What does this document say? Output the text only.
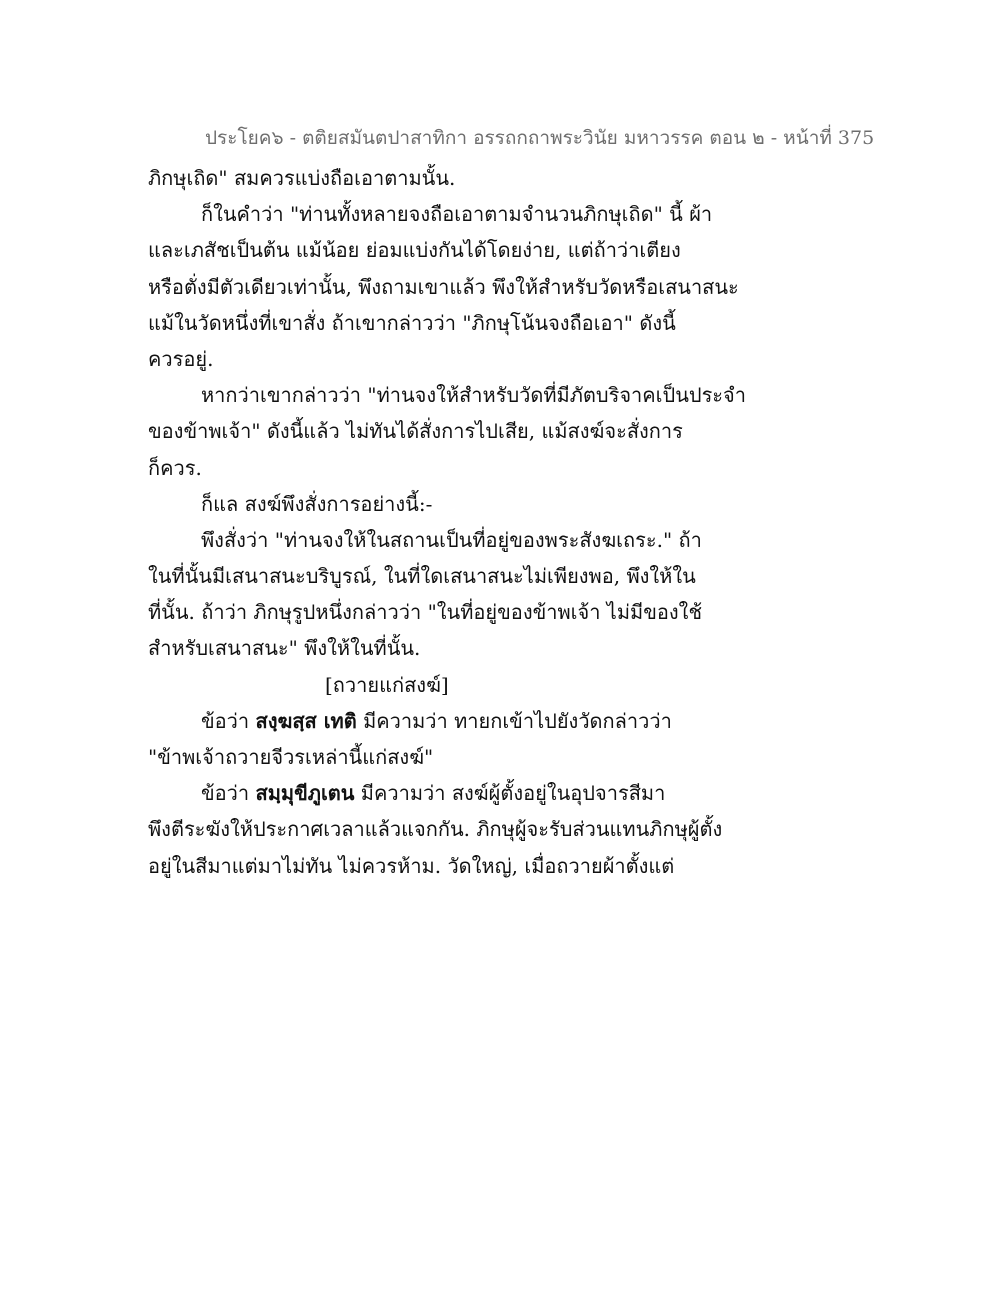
ประโยค๖ - ตติยสมันตปาสาทิกา อรรถกถาพระวินัย มหาวรรค ตอน ๒ - หน้าที่ 375
ภิกษุเถิด" สมควรแบ่งถือเอาตามนั้น.
ก็ในคำว่า "ท่านทั้งหลายจงถือเอาตามจำนวนภิกษุเถิด" นี้ ผ้า
และเภสัชเป็นต้น แม้น้อย ย่อมแบ่งกันได้โดยง่าย, แต่ถ้าว่าเตียง
หรือตั่งมีตัวเดียวเท่านั้น, พึงถามเขาแล้ว พึงให้สำหรับวัดหรือเสนาสนะ
แม้ในวัดหนึ่งที่เขาสั่ง ถ้าเขากล่าวว่า "ภิกษุโน้นจงถือเอา" ดังนี้
ควรอยู่.
หากว่าเขากล่าวว่า "ท่านจงให้สำหรับวัดที่มีภัตบริจาคเป็นประจำ
ของข้าพเจ้า" ดังนี้แล้ว ไม่ทันได้สั่งการไปเสีย, แม้สงฆ์จะสั่งการ
ก็ควร.
ก็แล สงฆ์พึงสั่งการอย่างนี้:-
พึงสั่งว่า "ท่านจงให้ในสถานเป็นที่อยู่ของพระสังฆเถระ." ถ้า
ในที่นั้นมีเสนาสนะบริบูรณ์, ในที่ใดเสนาสนะไม่เพียงพอ, พึงให้ใน
ที่นั้น. ถ้าว่า ภิกษุรูปหนึ่งกล่าวว่า "ในที่อยู่ของข้าพเจ้า ไม่มีของใช้
สำหรับเสนาสนะ" พึงให้ในที่นั้น.
[ถวายแก่สงฆ์]
ข้อว่า สงฺฆสฺส เทติ มีความว่า ทายกเข้าไปยังวัดกล่าวว่า
"ข้าพเจ้าถวายจีวรเหล่านี้แก่สงฆ์"
ข้อว่า สมฺมุขีภูเตน มีความว่า สงฆ์ผู้ตั้งอยู่ในอุปจารสีมา
พึงตีระฆังให้ประกาศเวลาแล้วแจกกัน. ภิกษุผู้จะรับส่วนแทนภิกษุผู้ตั้ง
อยู่ในสีมาแต่มาไม่ทัน ไม่ควรห้าม. วัดใหญ่, เมื่อถวายผ้าตั้งแต่
